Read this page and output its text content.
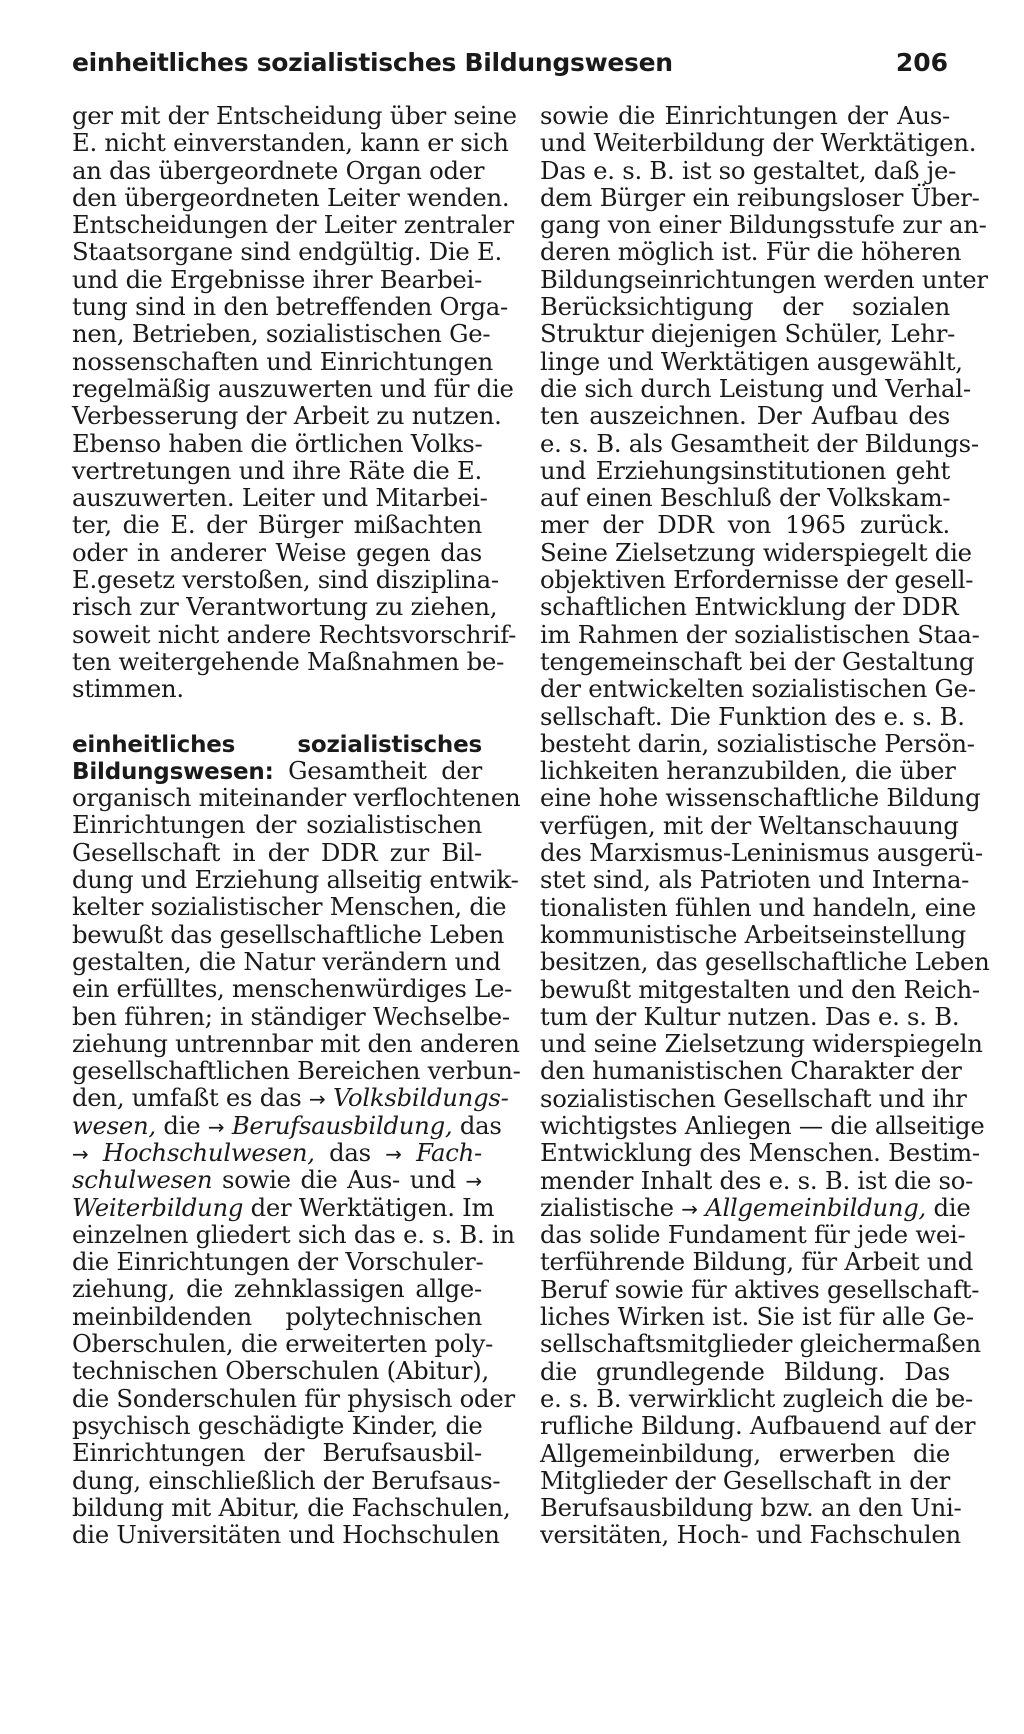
einheitliches sozialistisches Bildungswesen	206
ger mit der Entscheidung über seine
E. nicht einverstanden, kann er sich
an das übergeordnete Organ oder
den übergeordneten Leiter wenden.
Entscheidungen der Leiter zentraler
Staatsorgane sind endgültig. Die E.
und die Ergebnisse ihrer Bearbei-
tung sind in den betreffenden Orga-
nen, Betrieben, sozialistischen Ge-
nossenschaften und Einrichtungen
regelmäßig auszuwerten und für die
Verbesserung der Arbeit zu nutzen.
Ebenso haben die örtlichen Volks-
vertretungen und ihre Räte die E.
auszuwerten. Leiter und Mitarbei-
ter, die E. der Bürger mißachten
oder in anderer Weise gegen das
E.gesetz verstoßen, sind disziplina-
risch zur Verantwortung zu ziehen,
soweit nicht andere Rechtsvorschrif-
ten weitergehende Maßnahmen be-
stimmen.
einheitliches sozialistisches
Bildungswesen: Gesamtheit der
organisch miteinander verflochtenen
Einrichtungen der sozialistischen
Gesellschaft in der DDR zur Bil-
dung und Erziehung allseitig entwik-
kelter sozialistischer Menschen, die
bewußt das gesellschaftliche Leben
gestalten, die Natur verändern und
ein erfülltes, menschenwürdiges Le-
ben führen; in ständiger Wechselbe-
ziehung untrennbar mit den anderen
gesellschaftlichen Bereichen verbun-
den, umfaßt es das → Volksbildungs-
wesen, die → Berufsausbildung, das
→ Hochschulwesen, das → Fach-
schulwesen sowie die Aus- und →
Weiterbildung der Werktätigen. Im
einzelnen gliedert sich das e. s. B. in
die Einrichtungen der Vorschuler-
ziehung, die zehnklassigen allge-
meinbildenden polytechnischen
Oberschulen, die erweiterten poly-
technischen Oberschulen (Abitur),
die Sonderschulen für physisch oder
psychisch geschädigte Kinder, die
Einrichtungen der Berufsausbil-
dung, einschließlich der Berufsaus-
bildung mit Abitur, die Fachschulen,
die Universitäten und Hochschulen
sowie die Einrichtungen der Aus-
und Weiterbildung der Werktätigen.
Das e. s. B. ist so gestaltet, daß je-
dem Bürger ein reibungsloser Über-
gang von einer Bildungsstufe zur an-
deren möglich ist. Für die höheren
Bildungseinrichtungen werden unter
Berücksichtigung der sozialen
Struktur diejenigen Schüler, Lehr-
linge und Werktätigen ausgewählt,
die sich durch Leistung und Verhal-
ten auszeichnen. Der Aufbau des
e. s. B. als Gesamtheit der Bildungs-
und Erziehungsinstitutionen geht
auf einen Beschluß der Volkskam-
mer der DDR von 1965 zurück.
Seine Zielsetzung widerspiegelt die
objektiven Erfordernisse der gesell-
schaftlichen Entwicklung der DDR
im Rahmen der sozialistischen Staa-
tengemeinschaft bei der Gestaltung
der entwickelten sozialistischen Ge-
sellschaft. Die Funktion des e. s. B.
besteht darin, sozialistische Persön-
lichkeiten heranzubilden, die über
eine hohe wissenschaftliche Bildung
verfügen, mit der Weltanschauung
des Marxismus-Leninismus ausgerü-
stet sind, als Patrioten und Interna-
tionalisten fühlen und handeln, eine
kommunistische Arbeitseinstellung
besitzen, das gesellschaftliche Leben
bewußt mitgestalten und den Reich-
tum der Kultur nutzen. Das e. s. B.
und seine Zielsetzung widerspiegeln
den humanistischen Charakter der
sozialistischen Gesellschaft und ihr
wichtigstes Anliegen — die allseitige
Entwicklung des Menschen. Bestim-
mender Inhalt des e. s. B. ist die so-
zialistische → Allgemeinbildung, die
das solide Fundament für jede wei-
terführende Bildung, für Arbeit und
Beruf sowie für aktives gesellschaft-
liches Wirken ist. Sie ist für alle Ge-
sellschaftsmitglieder gleichermaßen
die grundlegende Bildung. Das
e. s. B. verwirklicht zugleich die be-
rufliche Bildung. Aufbauend auf der
Allgemeinbildung, erwerben die
Mitglieder der Gesellschaft in der
Berufsausbildung bzw. an den Uni-
versitäten, Hoch- und Fachschulen
